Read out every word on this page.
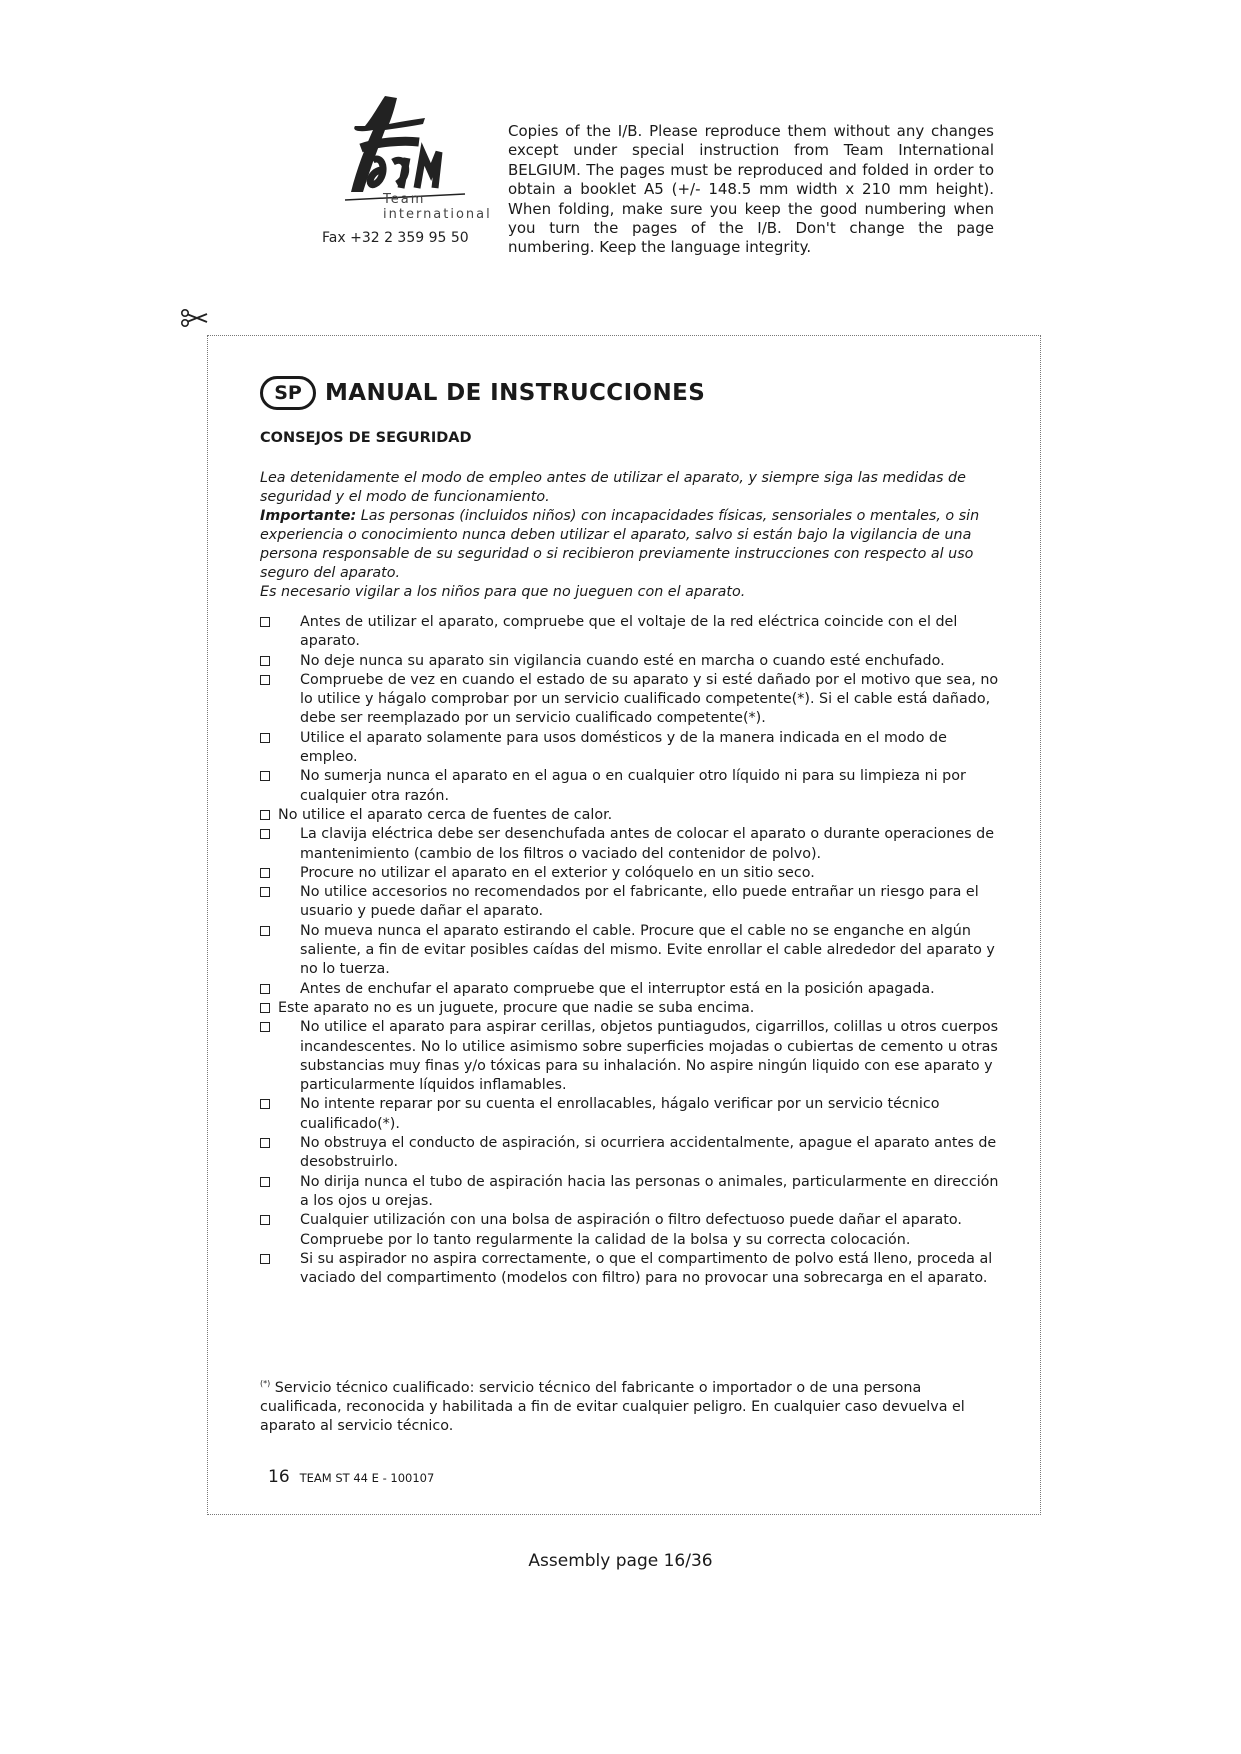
Team international
Fax +32 2 359 95 50
Copies of the I/B. Please reproduce them without any changes except under special instruction from Team International BELGIUM. The pages must be reproduced and folded in order to obtain a booklet A5 (+/- 148.5 mm width x 210 mm height). When folding, make sure you keep the good numbering when you turn the pages of the I/B. Don't change the page numbering. Keep the language integrity.
SP	MANUAL DE INSTRUCCIONES
CONSEJOS DE SEGURIDAD

Lea detenidamente el modo de empleo antes de utilizar el aparato, y siempre siga las medidas de seguridad y el modo de funcionamiento.

Importante: Las personas (incluidos niños) con incapacidades físicas, sensoriales o mentales, o sin experiencia o conocimiento nunca deben utilizar el aparato, salvo si están bajo la vigilancia de una persona responsable de su seguridad o si recibieron previamente instrucciones con respecto al uso seguro del aparato.

Es necesario vigilar a los niños para que no jueguen con el aparato.

Antes de utilizar el aparato, compruebe que el voltaje de la red eléctrica coincide con el del aparato.
No deje nunca su aparato sin vigilancia cuando esté en marcha o cuando esté enchufado.
Compruebe de vez en cuando el estado de su aparato y si esté dañado por el motivo que sea, no lo utilice y hágalo comprobar por un servicio cualificado competente(*). Si el cable está dañado, debe ser reemplazado por un servicio cualificado competente(*).
Utilice el aparato solamente para usos domésticos y de la manera indicada en el modo de empleo.
No sumerja nunca el aparato en el agua o en cualquier otro líquido ni para su limpieza ni por cualquier otra razón.
No utilice el aparato cerca de fuentes de calor.
La clavija eléctrica debe ser desenchufada antes de colocar el aparato o durante operaciones de mantenimiento (cambio de los filtros o vaciado del contenidor de polvo).
Procure no utilizar el aparato en el exterior y colóquelo en un sitio seco.
No utilice accesorios no recomendados por el fabricante, ello puede entrañar un riesgo para el usuario y puede dañar el aparato.
No mueva nunca el aparato estirando el cable. Procure que el cable no se enganche en algún saliente, a fin de evitar posibles caídas del mismo. Evite enrollar el cable alrededor del aparato y no lo tuerza.
Antes de enchufar el aparato compruebe que el interruptor está en la posición apagada.
Este aparato no es un juguete, procure que nadie se suba encima.
No utilice el aparato para aspirar cerillas, objetos puntiagudos, cigarrillos, colillas u otros cuerpos incandescentes. No lo utilice asimismo sobre superficies mojadas o cubiertas de cemento u otras substancias muy finas y/o tóxicas para su inhalación. No aspire ningún liquido con ese aparato y particularmente líquidos inflamables.
No intente reparar por su cuenta el enrollacables, hágalo verificar por un servicio técnico cualificado(*).
No obstruya el conducto de aspiración, si ocurriera accidentalmente, apague el aparato antes de desobstruirlo.
No dirija nunca el tubo de aspiración hacia las personas o animales, particularmente en dirección a los ojos u orejas.
Cualquier utilización con una bolsa de aspiración o filtro defectuoso puede dañar el aparato. Compruebe por lo tanto regularmente la calidad de la bolsa y su correcta colocación.
Si su aspirador no aspira correctamente, o que el compartimento de polvo está lleno, proceda al vaciado del compartimento (modelos con filtro) para no provocar una sobrecarga en el aparato.
(*) Servicio técnico cualificado: servicio técnico del fabricante o importador o de una persona cualificada, reconocida y habilitada a fin de evitar cualquier peligro. En cualquier caso devuelva el aparato al servicio técnico.
16 TEAM ST 44 E - 100107
Assembly page 16/36
